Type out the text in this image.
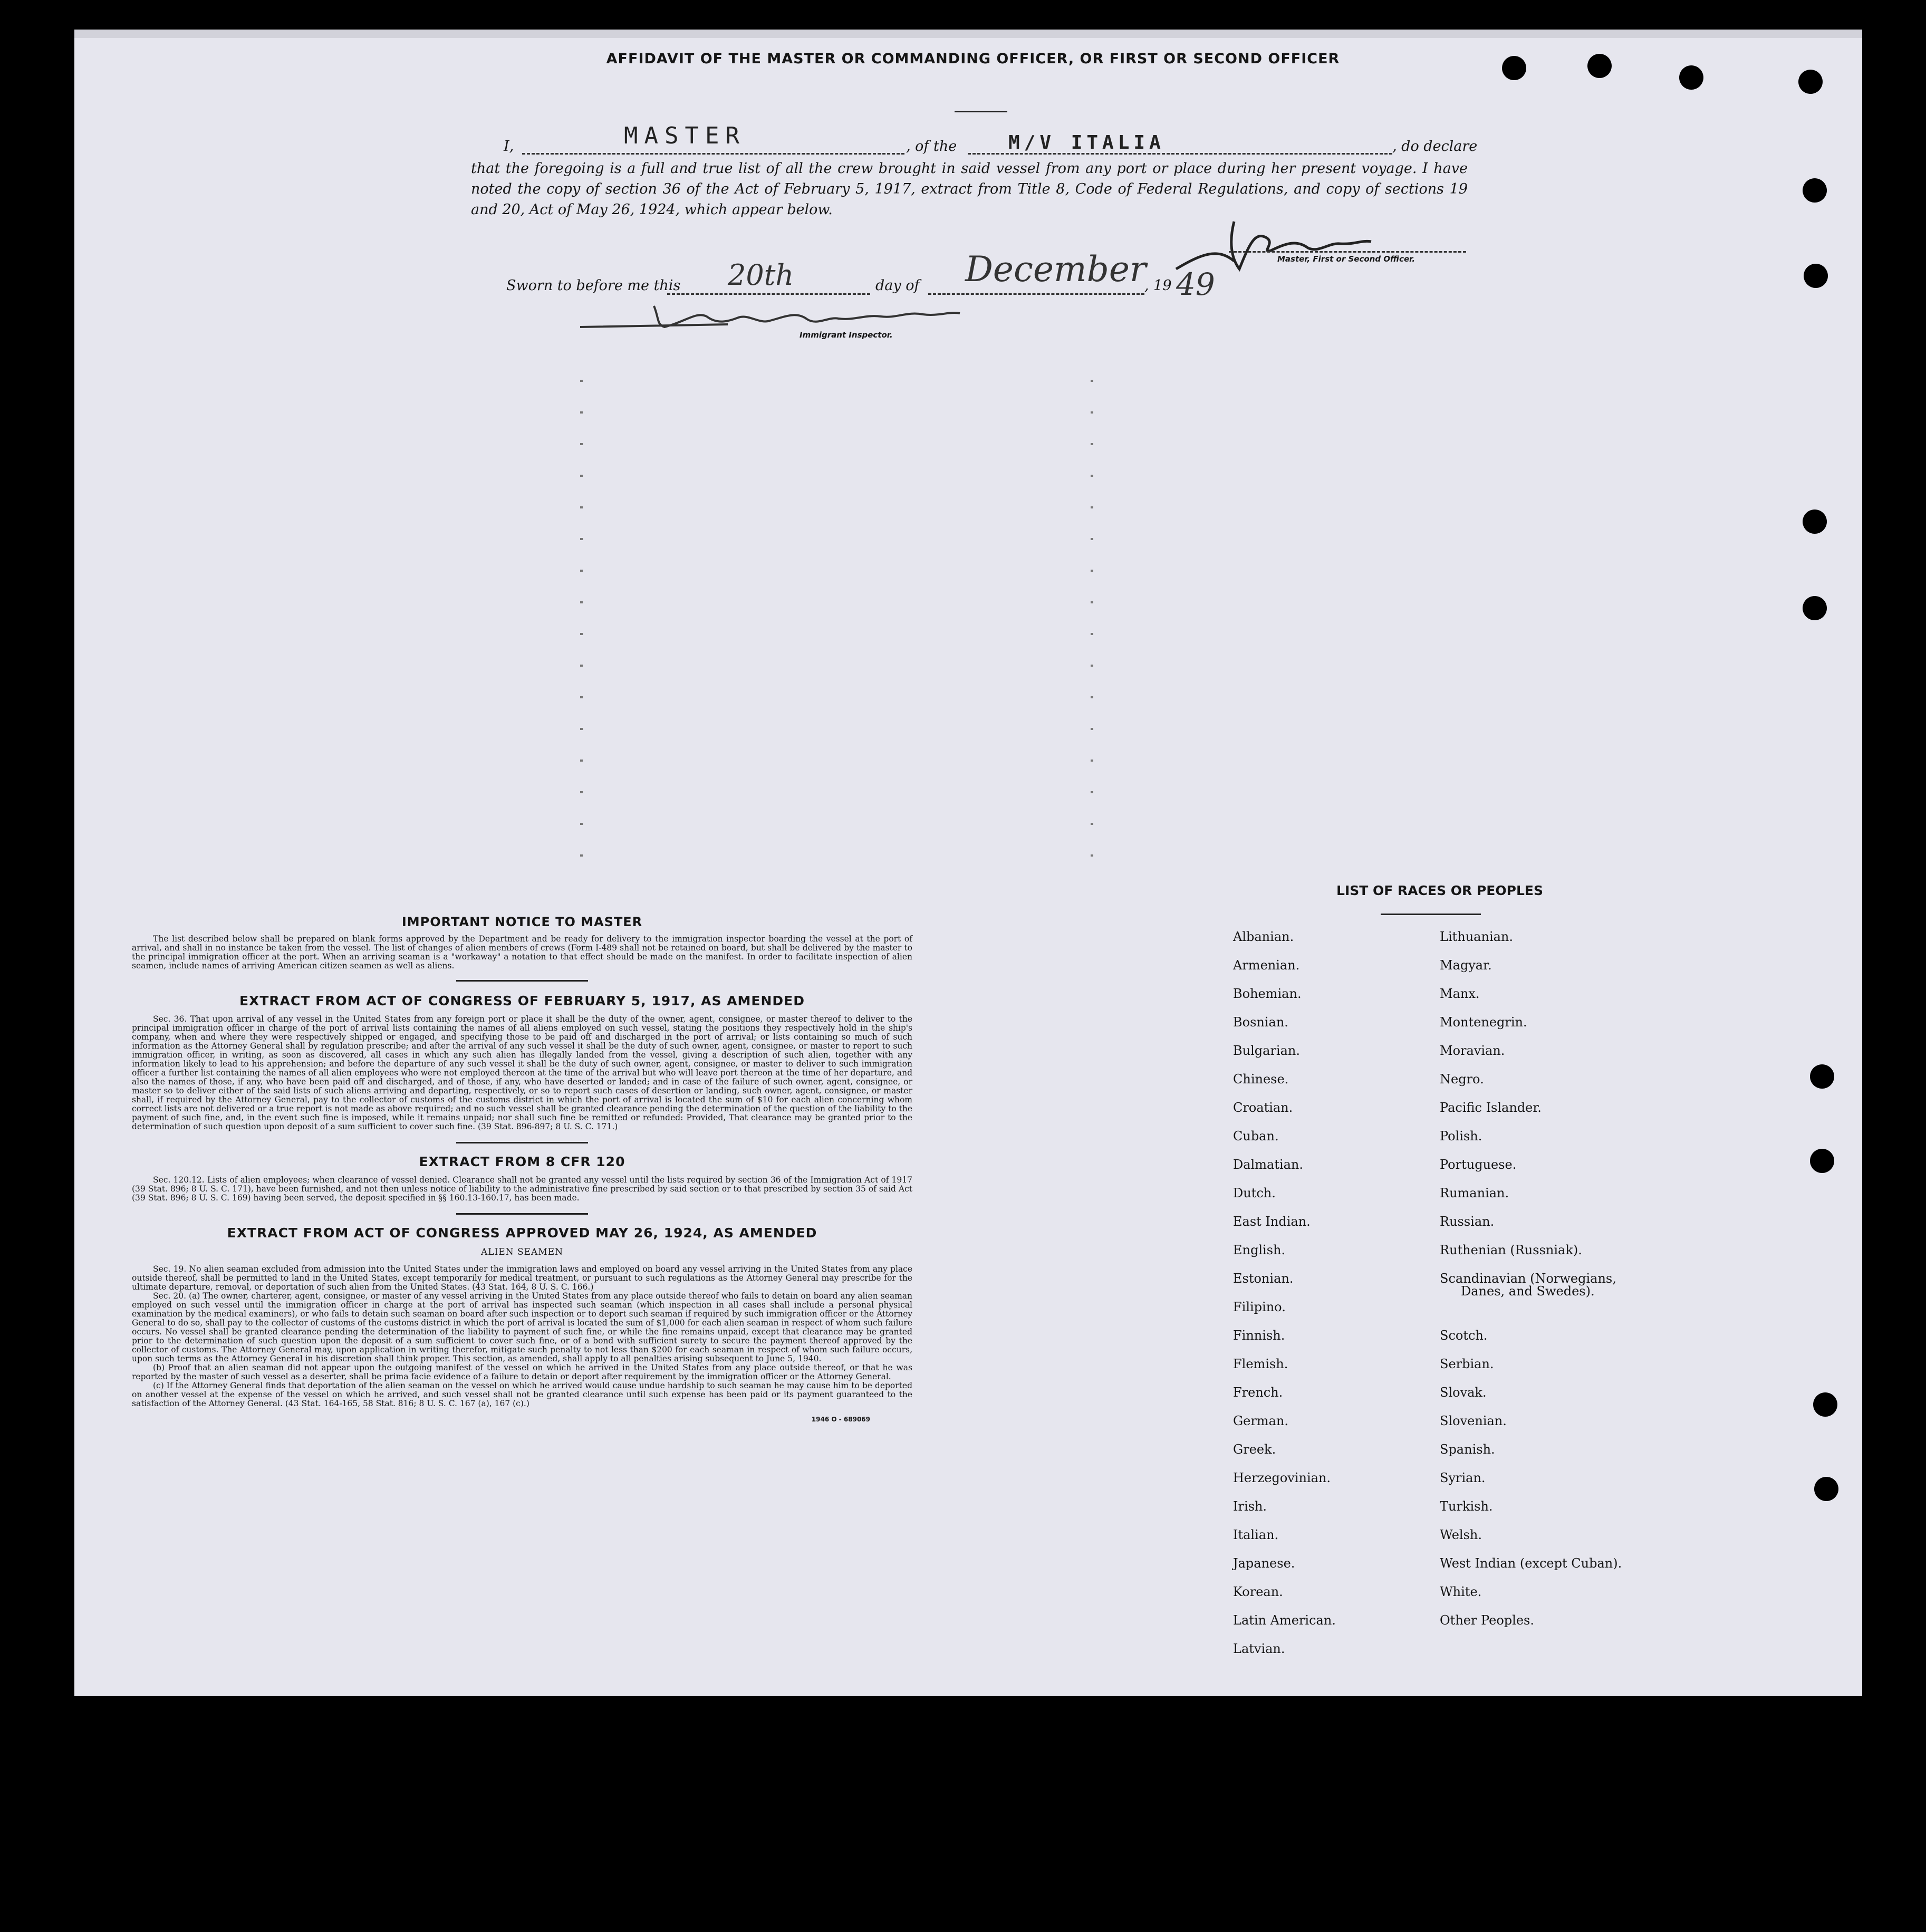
AFFIDAVIT OF THE MASTER OR COMMANDING OFFICER, OR FIRST OR SECOND OFFICER
I,	MASTER	, of the	M/V ITALIA	, do declare
that the foregoing is a full and true list of all the crew brought in said vessel from any port or place during her present voyage. I have noted the copy of section 36 of the Act of February 5, 1917, extract from Title 8, Code of Federal Regulations, and copy of sections 19 and 20, Act of May 26, 1924, which appear below.
Master, First or Second Officer.
Sworn to before me this 20th	day of December
, 19 49
Immigrant Inspector.
IMPORTANT NOTICE TO MASTER

The list described below shall be prepared on blank forms approved by the Department and be ready for delivery to the immigration inspector boarding the vessel at the port of arrival, and shall in no instance be taken from the vessel. The list of changes of alien members of crews (Form I-489 shall not be retained on board, but shall be delivered by the master to the principal immigration officer at the port. When an arriving seaman is a "workaway" a notation to that effect should be made on the manifest. In order to facilitate inspection of alien seamen, include names of arriving American citizen seamen as well as aliens.

EXTRACT FROM ACT OF CONGRESS OF FEBRUARY 5, 1917, AS AMENDED

Sec. 36. That upon arrival of any vessel in the United States from any foreign port or place it shall be the duty of the owner, agent, consignee, or master thereof to deliver to the principal immigration officer in charge of the port of arrival lists containing the names of all aliens employed on such vessel, stating the positions they respectively hold in the ship's company, when and where they were respectively shipped or engaged, and specifying those to be paid off and discharged in the port of arrival; or lists containing so much of such information as the Attorney General shall by regulation prescribe; and after the arrival of any such vessel it shall be the duty of such owner, agent, consignee, or master to report to such immigration officer, in writing, as soon as discovered, all cases in which any such alien has illegally landed from the vessel, giving a description of such alien, together with any information likely to lead to his apprehension; and before the departure of any such vessel it shall be the duty of such owner, agent, consignee, or master to deliver to such immigration officer a further list containing the names of all alien employees who were not employed thereon at the time of the arrival but who will leave port thereon at the time of her departure, and also the names of those, if any, who have been paid off and discharged, and of those, if any, who have deserted or landed; and in case of the failure of such owner, agent, consignee, or master so to deliver either of the said lists of such aliens arriving and departing, respectively, or so to report such cases of desertion or landing, such owner, agent, consignee, or master shall, if required by the Attorney General, pay to the collector of customs of the customs district in which the port of arrival is located the sum of $10 for each alien concerning whom correct lists are not delivered or a true report is not made as above required; and no such vessel shall be granted clearance pending the determination of the question of the liability to the payment of such fine, and, in the event such fine is imposed, while it remains unpaid; nor shall such fine be remitted or refunded: Provided, That clearance may be granted prior to the determination of such question upon deposit of a sum sufficient to cover such fine. (39 Stat. 896-897; 8 U. S. C. 171.)

EXTRACT FROM 8 CFR 120

Sec. 120.12. Lists of alien employees; when clearance of vessel denied. Clearance shall not be granted any vessel until the lists required by section 36 of the Immigration Act of 1917 (39 Stat. 896; 8 U. S. C. 171), have been furnished, and not then unless notice of liability to the administrative fine prescribed by said section or to that prescribed by section 35 of said Act (39 Stat. 896; 8 U. S. C. 169) having been served, the deposit specified in §§ 160.13-160.17, has been made.

EXTRACT FROM ACT OF CONGRESS APPROVED MAY 26, 1924, AS AMENDED
ALIEN SEAMEN

Sec. 19. No alien seaman excluded from admission into the United States under the immigration laws and employed on board any vessel arriving in the United States from any place outside thereof, shall be permitted to land in the United States, except temporarily for medical treatment, or pursuant to such regulations as the Attorney General may prescribe for the ultimate departure, removal, or deportation of such alien from the United States. (43 Stat. 164, 8 U. S. C. 166.)

Sec. 20. (a) The owner, charterer, agent, consignee, or master of any vessel arriving in the United States from any place outside thereof who fails to detain on board any alien seaman employed on such vessel until the immigration officer in charge at the port of arrival has inspected such seaman (which inspection in all cases shall include a personal physical examination by the medical examiners), or who fails to detain such seaman on board after such inspection or to deport such seaman if required by such immigration officer or the Attorney General to do so, shall pay to the collector of customs of the customs district in which the port of arrival is located the sum of $1,000 for each alien seaman in respect of whom such failure occurs. No vessel shall be granted clearance pending the determination of the liability to payment of such fine, or while the fine remains unpaid, except that clearance may be granted prior to the determination of such question upon the deposit of a sum sufficient to cover such fine, or of a bond with sufficient surety to secure the payment thereof approved by the collector of customs. The Attorney General may, upon application in writing therefor, mitigate such penalty to not less than $200 for each seaman in respect of whom such failure occurs, upon such terms as the Attorney General in his discretion shall think proper. This section, as amended, shall apply to all penalties arising subsequent to June 5, 1940.

(b) Proof that an alien seaman did not appear upon the outgoing manifest of the vessel on which he arrived in the United States from any place outside thereof, or that he was reported by the master of such vessel as a deserter, shall be prima facie evidence of a failure to detain or deport after requirement by the immigration officer or the Attorney General.

(c) If the Attorney General finds that deportation of the alien seaman on the vessel on which he arrived would cause undue hardship to such seaman he may cause him to be deported on another vessel at the expense of the vessel on which he arrived, and such vessel shall not be granted clearance until such expense has been paid or its payment guaranteed to the satisfaction of the Attorney General. (43 Stat. 164-165, 58 Stat. 816; 8 U. S. C. 167 (a), 167 (c).)

1946 O - 689069
LIST OF RACES OR PEOPLES
Albanian.
Armenian.
Bohemian.
Bosnian.
Bulgarian.
Chinese.
Croatian.
Cuban.
Dalmatian.
Dutch.
East Indian.
English.
Estonian.
Filipino.
Finnish.
Flemish.
French.
German.
Greek.
Herzegovinian.
Irish.
Italian.
Japanese.
Korean.
Latin American.
Latvian.
Lithuanian.
Magyar.
Manx.
Montenegrin.
Moravian.
Negro.
Pacific Islander.
Polish.
Portuguese.
Rumanian.
Russian.
Ruthenian (Russniak).
Scandinavian (Norwegians,
Danes, and Swedes).
Scotch.
Serbian.
Slovak.
Slovenian.
Spanish.
Syrian.
Turkish.
Welsh.
West Indian (except Cuban).
White.
Other Peoples.
